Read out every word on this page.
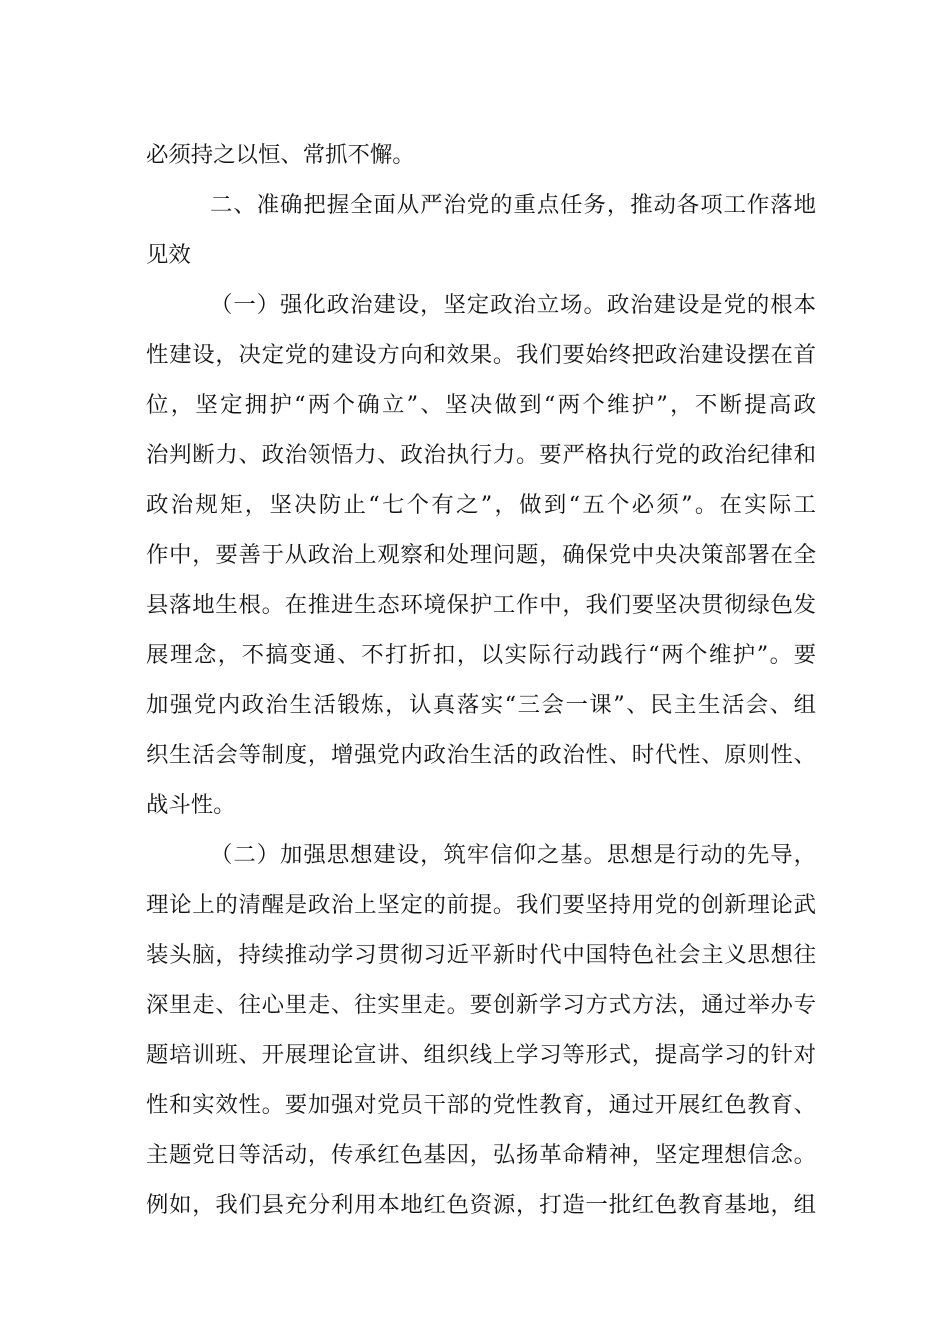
必须持之以恒、常抓不懈。
二、准确把握全面从严治党的重点任务，推动各项工作落地
见效
（一）强化政治建设，坚定政治立场。政治建设是党的根本
性建设，决定党的建设方向和效果。我们要始终把政治建设摆在首
位，坚定拥护“两个确立”、坚决做到“两个维护”，不断提高政
治判断力、政治领悟力、政治执行力。要严格执行党的政治纪律和
政治规矩，坚决防止“七个有之”，做到“五个必须”。在实际工
作中，要善于从政治上观察和处理问题，确保党中央决策部署在全
县落地生根。在推进生态环境保护工作中，我们要坚决贯彻绿色发
展理念，不搞变通、不打折扣，以实际行动践行“两个维护”。要
加强党内政治生活锻炼，认真落实“三会一课”、民主生活会、组
织生活会等制度，增强党内政治生活的政治性、时代性、原则性、
战斗性。
（二）加强思想建设，筑牢信仰之基。思想是行动的先导，
理论上的清醒是政治上坚定的前提。我们要坚持用党的创新理论武
装头脑，持续推动学习贯彻习近平新时代中国特色社会主义思想往
深里走、往心里走、往实里走。要创新学习方式方法，通过举办专
题培训班、开展理论宣讲、组织线上学习等形式，提高学习的针对
性和实效性。要加强对党员干部的党性教育，通过开展红色教育、
主题党日等活动，传承红色基因，弘扬革命精神，坚定理想信念。
例如，我们县充分利用本地红色资源，打造一批红色教育基地，组
